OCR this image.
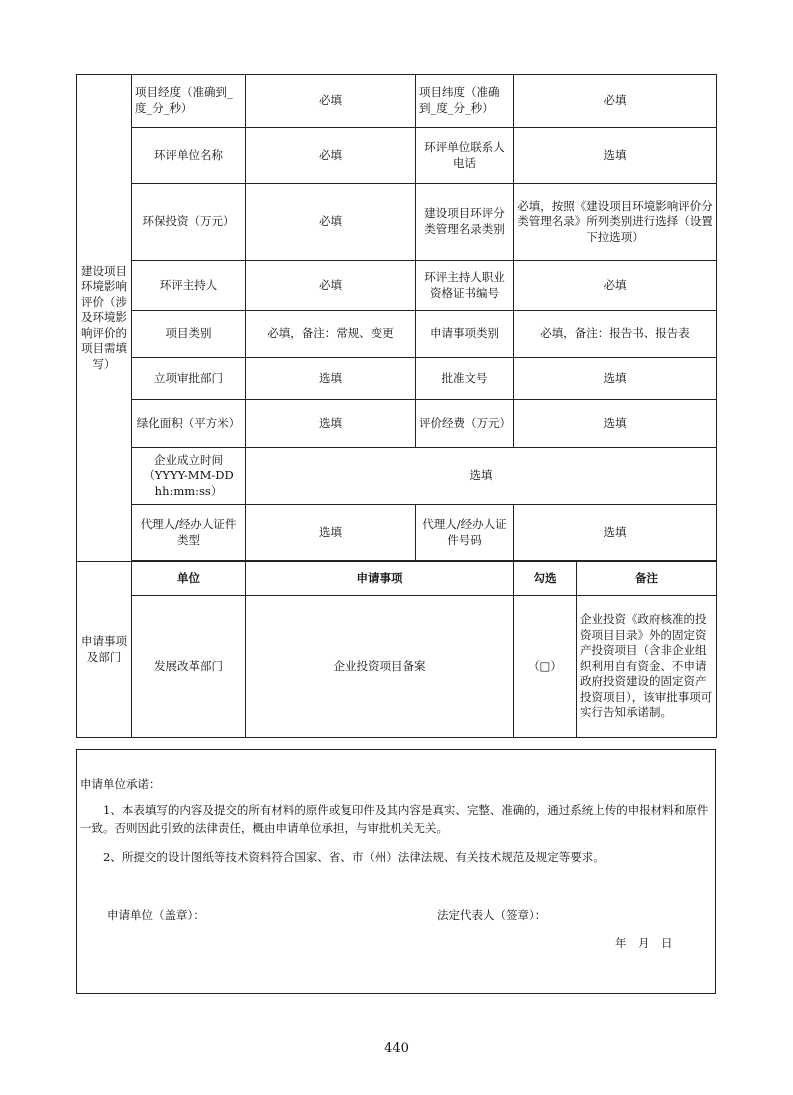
建设项目环境影响评价（涉及环境影响评价的项目需填写）	项目经度（准确到_度_分_秒）	必填	项目纬度（准确到_度_分_秒）	必填	
	环评单位名称	必填	环评单位联系人电话	选填	
	环保投资（万元）	必填	建设项目环评分类管理名录类别	必填，按照《建设项目环境影响评价分类管理名录》所列类别进行选择（设置下拉选项）	
	环评主持人	必填	环评主持人职业资格证书编号	必填	
	项目类别	必填，备注：常规、变更	申请事项类别	必填，备注：报告书、报告表	
	立项审批部门	选填	批准文号	选填	
	绿化面积（平方米）	选填	评价经费（万元）	选填	
	企业成立时间（YYYY-MM-DD hh:mm:ss）	选填			
	代理人/经办人证件类型	选填	代理人/经办人证件号码	选填	

申请事项及部门	单位	申请事项		勾选	备注
	发展改革部门	企业投资项目备案		（□）	企业投资《政府核准的投资项目目录》外的固定资产投资项目（含非企业组织利用自有资金、不申请政府投资建设的固定资产投资项目），该审批事项可实行告知承诺制。

申请单位承诺：

1、本表填写的内容及提交的所有材料的原件或复印件及其内容是真实、完整、准确的，通过系统上传的申报材料和原件一致。否则因此引致的法律责任，概由申请单位承担，与审批机关无关。

2、所提交的设计图纸等技术资料符合国家、省、市（州）法律法规、有关技术规范及规定等要求。

申请单位（盖章）：	法定代表人（签章）：

年　月　日

440
